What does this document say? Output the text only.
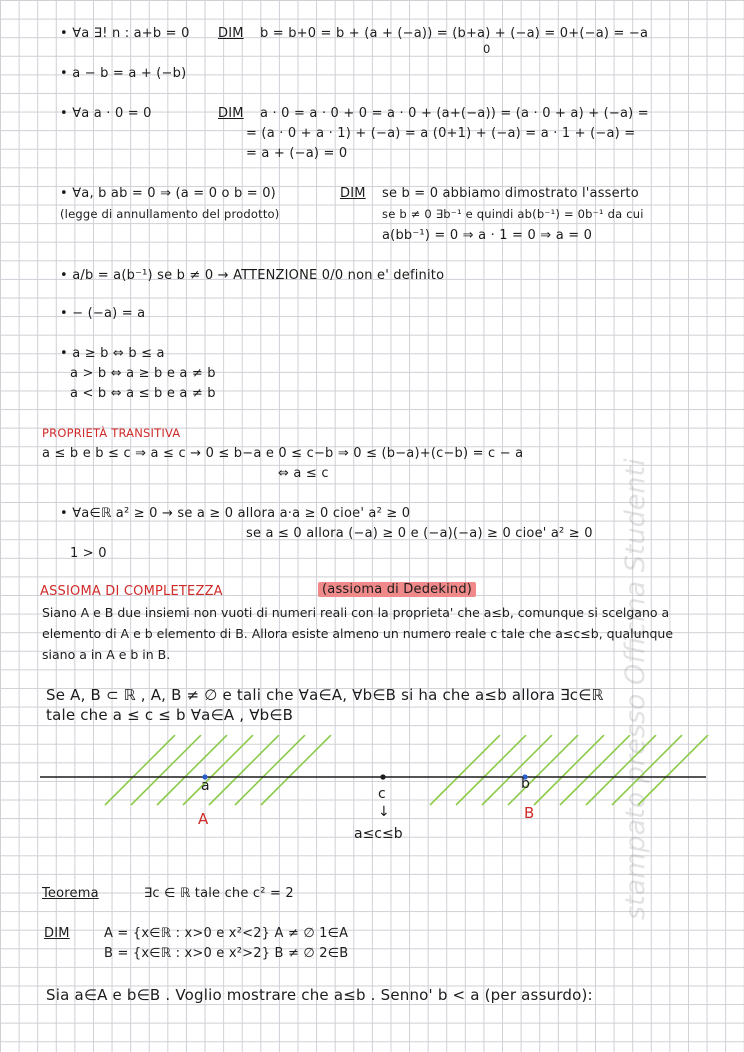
stampato presso Officina Studenti
• ∀a ∃! n : a+b = 0 DIM b = b+0 = b + (a + (−a)) = (b+a) + (−a) = 0+(−a) = −a
0
• a − b = a + (−b)
• ∀a a · 0 = 0	DIM a · 0 = a · 0 + 0 = a · 0 + (a+(−a)) = (a · 0 + a) + (−a) =
= (a · 0 + a · 1) + (−a) = a (0+1) + (−a) = a · 1 + (−a) =
= a + (−a) = 0
• ∀a, b ab = 0 ⇒ (a = 0 o b = 0)	DIM
(legge di annullamento del prodotto)
se b = 0 abbiamo dimostrato l'asserto
se b ≠ 0 ∃b⁻¹ e quindi ab(b⁻¹) = 0b⁻¹ da cui
a(bb⁻¹) = 0 ⇒ a · 1 = 0 ⇒ a = 0
• a/b = a(b⁻¹) se b ≠ 0 → ATTENZIONE 0/0 non e' definito
• − (−a) = a
• a ≥ b ⇔ b ≤ a
a > b ⇔ a ≥ b e a ≠ b
a < b ⇔ a ≤ b e a ≠ b
PROPRIETÀ TRANSITIVA
a ≤ b e b ≤ c ⇒ a ≤ c → 0 ≤ b−a e 0 ≤ c−b ⇒ 0 ≤ (b−a)+(c−b) = c − a
⇔ a ≤ c
• ∀a∈ℝ a² ≥ 0 → se a ≥ 0 allora a·a ≥ 0 cioe' a² ≥ 0
se a ≤ 0 allora (−a) ≥ 0 e (−a)(−a) ≥ 0 cioe' a² ≥ 0
1 > 0
ASSIOMA DI COMPLETEZZA	(assioma di Dedekind)
Siano A e B due insiemi non vuoti di numeri reali con la proprieta' che a≤b, comunque si scelgano a elemento di A e b elemento di B. Allora esiste almeno un numero reale c tale che a≤c≤b, qualunque siano a in A e b in B.
Se A, B ⊂ ℝ , A, B ≠ ∅ e tali che ∀a∈A, ∀b∈B si ha che a≤b allora ∃c∈ℝ
tale che a ≤ c ≤ b ∀a∈A , ∀b∈B
a
A
c
↓
a≤c≤b
b
B
Teorema	∃c ∈ ℝ tale che c² = 2
DIM	A = {x∈ℝ : x>0 e x²<2} A ≠ ∅ 1∈A
B = {x∈ℝ : x>0 e x²>2} B ≠ ∅ 2∈B
Sia a∈A e b∈B . Voglio mostrare che a≤b . Senno' b < a (per assurdo):
